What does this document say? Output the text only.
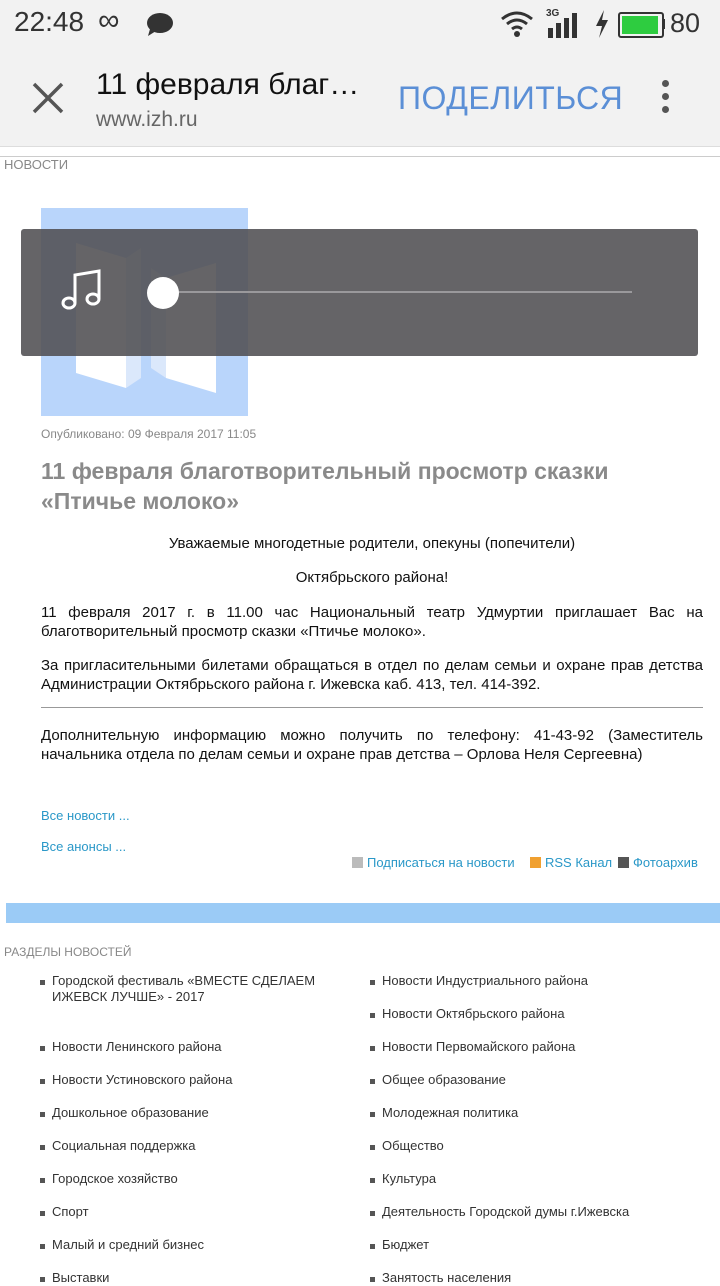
22:48 ∞	3G	80
11 февраля благ…
www.izh.ru
ПОДЕЛИТЬСЯ
НОВОСТИ
Опубликовано: 09 Февраля 2017 11:05
11 февраля благотворительный просмотр сказки «Птичье молоко»
Уважаемые многодетные родители, опекуны (попечители)
Октябрьского района!
11 февраля 2017 г. в 11.00 час Национальный театр Удмуртии приглашает Вас на благотворительный просмотр сказки «Птичье молоко».
За пригласительными билетами обращаться в отдел по делам семьи и охране прав детства Администрации Октябрьского района г. Ижевска каб. 413, тел. 414-392.
Дополнительную информацию можно получить по телефону: 41-43-92 (Заместитель начальника отдела по делам семьи и охране прав детства – Орлова Неля Сергеевна)
Все новости ...
Все анонсы ...
Подписаться на новости	RSS Канал	Фотоархив
РАЗДЕЛЫ НОВОСТЕЙ
Городской фестиваль «ВМЕСТЕ СДЕЛАЕМ ИЖЕВСК ЛУЧШЕ» - 2017
Новости Ленинского района
Новости Устиновского района
Дошкольное образование
Социальная поддержка
Городское хозяйство
Спорт
Малый и средний бизнес
Выставки
Новости Индустриального района
Новости Октябрьского района
Новости Первомайского района
Общее образование
Молодежная политика
Общество
Культура
Деятельность Городской думы г.Ижевска
Бюджет
Занятость населения
